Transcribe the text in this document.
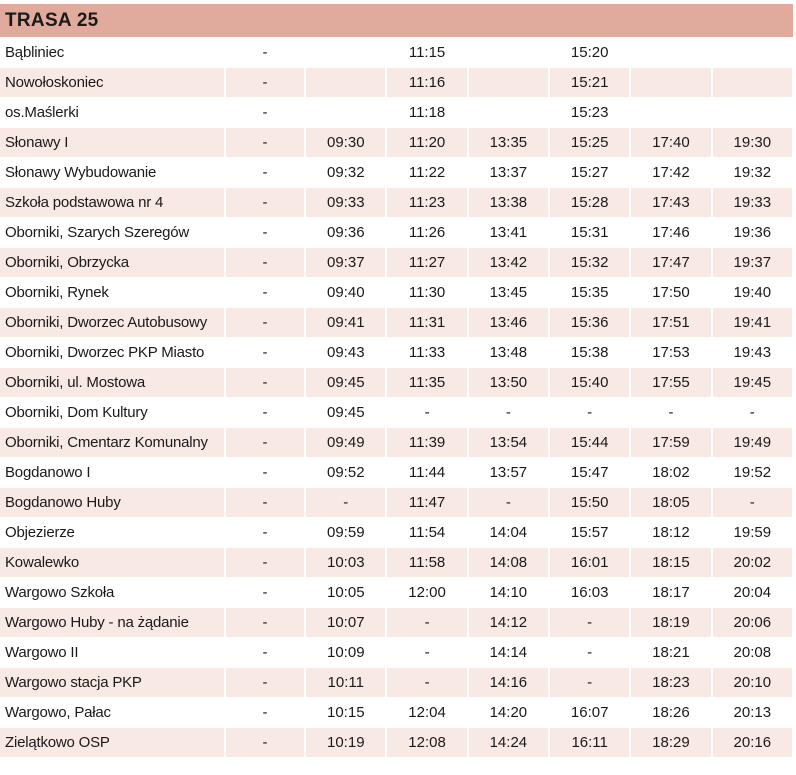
TRASA 25							
Bąbliniec	-		11:15		15:20		
Nowołoskoniec	-		11:16		15:21		
os.Maślerki	-		11:18		15:23		
Słonawy I	-	09:30	11:20	13:35	15:25	17:40	19:30
Słonawy Wybudowanie	-	09:32	11:22	13:37	15:27	17:42	19:32
Szkoła podstawowa nr 4	-	09:33	11:23	13:38	15:28	17:43	19:33
Oborniki, Szarych Szeregów	-	09:36	11:26	13:41	15:31	17:46	19:36
Oborniki, Obrzycka	-	09:37	11:27	13:42	15:32	17:47	19:37
Oborniki, Rynek	-	09:40	11:30	13:45	15:35	17:50	19:40
Oborniki, Dworzec Autobusowy	-	09:41	11:31	13:46	15:36	17:51	19:41
Oborniki, Dworzec PKP Miasto	-	09:43	11:33	13:48	15:38	17:53	19:43
Oborniki, ul. Mostowa	-	09:45	11:35	13:50	15:40	17:55	19:45
Oborniki, Dom Kultury	-	09:45	-	-	-	-	-
Oborniki, Cmentarz Komunalny	-	09:49	11:39	13:54	15:44	17:59	19:49
Bogdanowo I	-	09:52	11:44	13:57	15:47	18:02	19:52
Bogdanowo Huby	-	-	11:47	-	15:50	18:05	-
Objezierze	-	09:59	11:54	14:04	15:57	18:12	19:59
Kowalewko	-	10:03	11:58	14:08	16:01	18:15	20:02
Wargowo Szkoła	-	10:05	12:00	14:10	16:03	18:17	20:04
Wargowo Huby - na żądanie	-	10:07	-	14:12	-	18:19	20:06
Wargowo II	-	10:09	-	14:14	-	18:21	20:08
Wargowo stacja PKP	-	10:11	-	14:16	-	18:23	20:10
Wargowo, Pałac	-	10:15	12:04	14:20	16:07	18:26	20:13
Zielątkowo OSP	-	10:19	12:08	14:24	16:11	18:29	20:16
